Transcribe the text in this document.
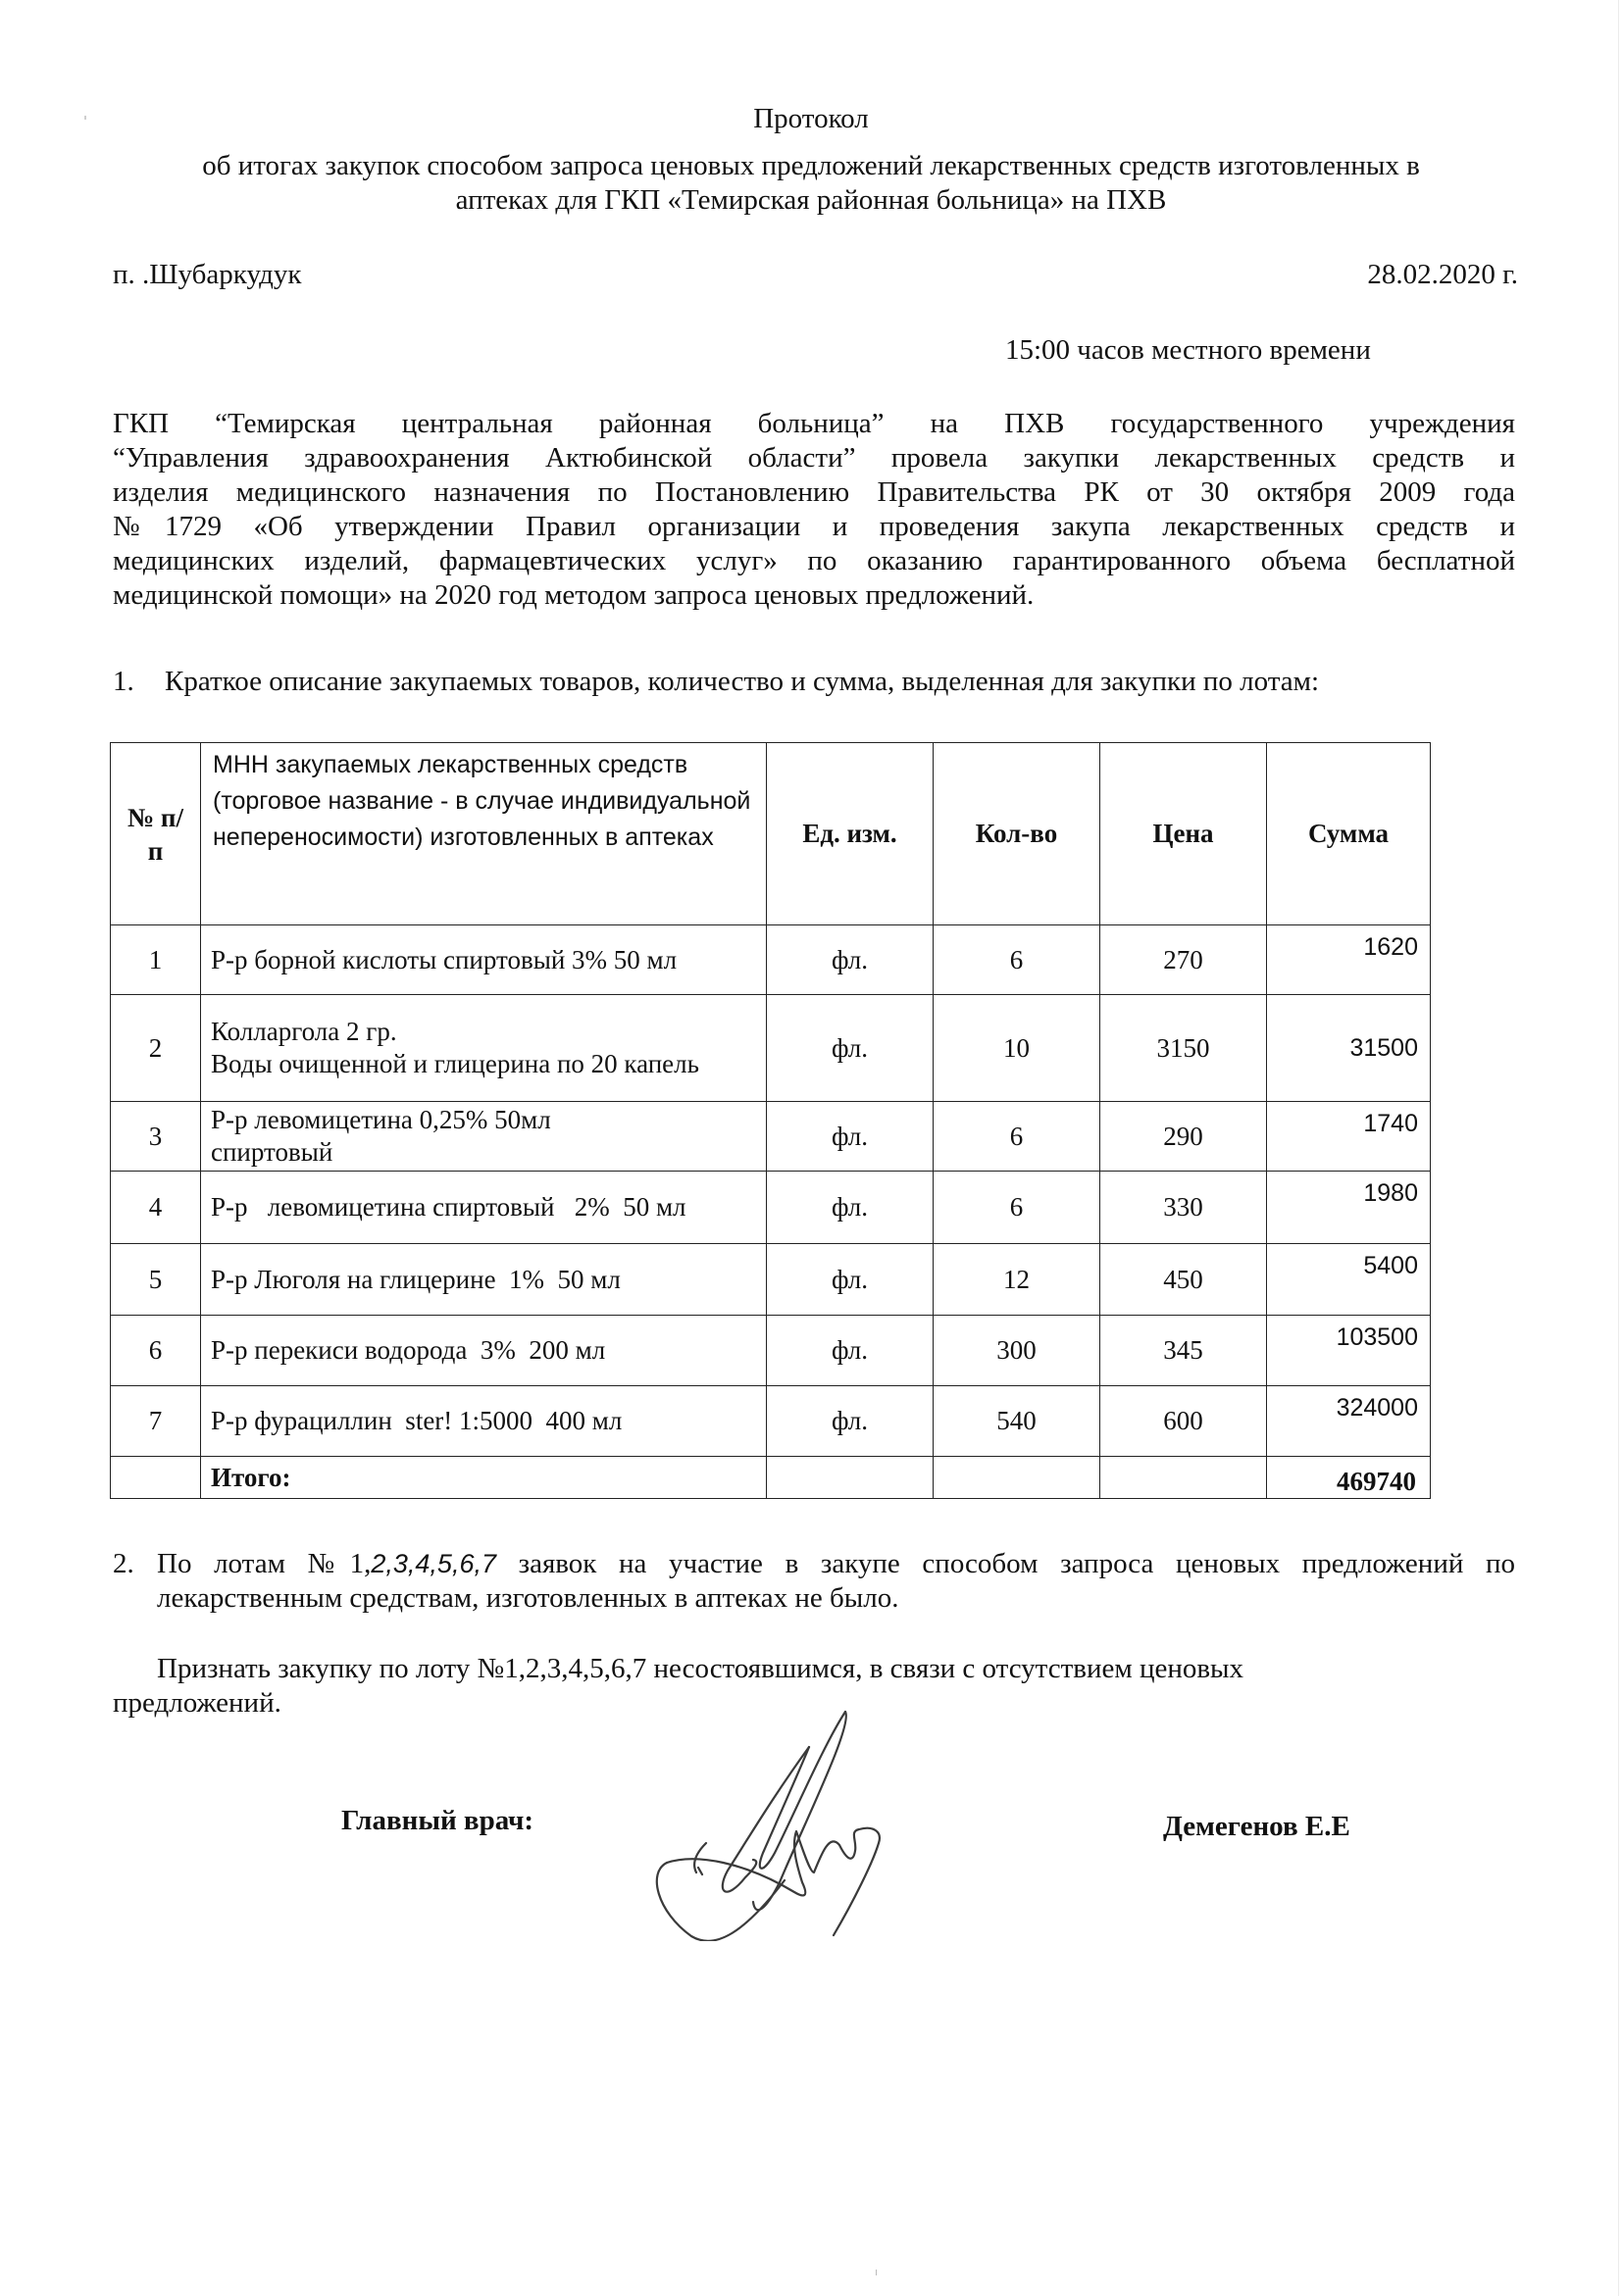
Протокол
об итогах закупок способом запроса ценовых предложений лекарственных средств изготовленных в
аптеках для ГКП «Темирская районная больница» на ПХВ
п. .Шубаркудук	28.02.2020 г.
15:00 часов местного времени
ГКП “Темирская центральная районная больница” на ПХВ государственного учреждения
“Управления здравоохранения Актюбинской области” провела закупки лекарственных средств и
изделия медицинского назначения по Постановлению Правительства РК от 30 октября 2009 года
№1729 «Об утверждении Правил организации и проведения закупа лекарственных средств и
медицинских изделий, фармацевтических услуг» по оказанию гарантированного объема бесплатной
медицинской помощи» на 2020 год методом запроса ценовых предложений.
1. Краткое описание закупаемых товаров, количество и сумма, выделенная для закупки по лотам:
№ п/п	МНН закупаемых лекарственных средств (торговое название - в случае индивидуальной непереносимости) изготовленных в аптеках	Ед. изм.	Кол-во	Цена	Сумма
1	Р-р борной кислоты спиртовый 3% 50 мл	фл.	6	270	1620
2	Колларгола 2 гр.
Воды очищенной и глицерина по 20 капель	фл.	10	3150	31500
3	Р-р левомицетина 0,25% 50мл спиртовый	фл.	6	290	1740
4	Р-р   левомицетина спиртовый   2%  50 мл	фл.	6	330	1980
5	Р-р Люголя на глицерине  1%  50 мл	фл.	12	450	5400
6	Р-р перекиси водорода  3%  200 мл	фл.	300	345	103500
7	Р-р фурациллин  ster! 1:5000  400 мл	фл.	540	600	324000
	Итого:				469740
2. По лотам №1,2,3,4,5,6,7 заявок на участие в закупе способом запроса ценовых предложений по
лекарственным средствам, изготовленных в аптеках не было.
Признать закупку по лоту №1,2,3,4,5,6,7 несостоявшимся, в связи с отсутствием ценовых
предложений.
Главный врач:	Демегенов Е.Е
